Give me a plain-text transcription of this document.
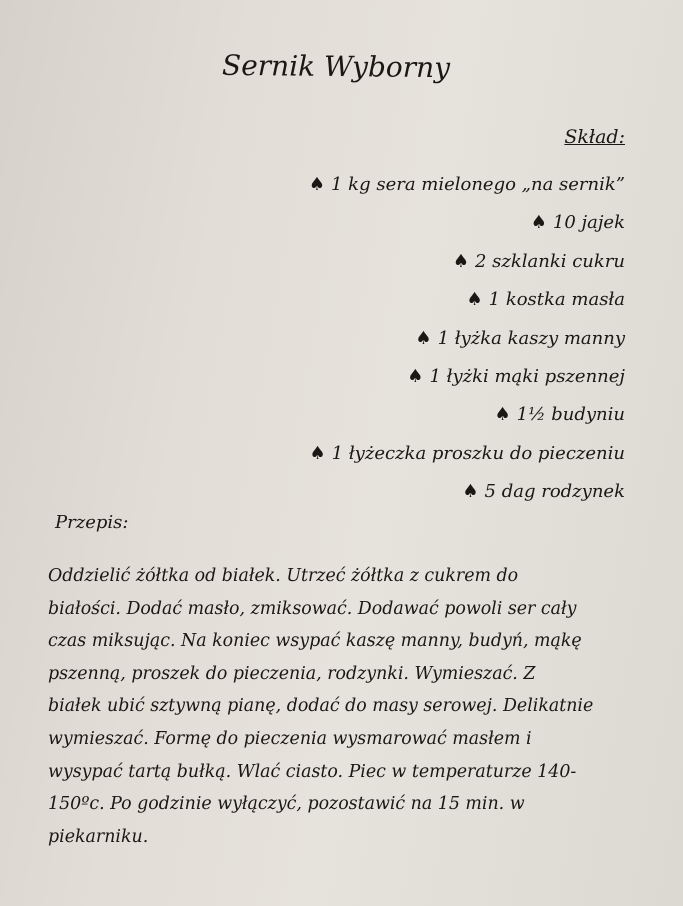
Sernik Wyborny
Skład:
♠ 1 kg sera mielonego „na sernik”
♠ 10 jajek
♠ 2 szklanki cukru
♠ 1 kostka masła
♠ 1 łyżka kaszy manny
♠ 1 łyżki mąki pszennej
♠ 1½ budyniu
♠ 1 łyżeczka proszku do pieczeniu
♠ 5 dag rodzynek
Przepis:
Oddzielić żółtka od białek. Utrzeć żółtka z cukrem do
białości. Dodać masło, zmiksować. Dodawać powoli ser cały
czas miksując. Na koniec wsypać kaszę manny, budyń, mąkę
pszenną, proszek do pieczenia, rodzynki. Wymieszać. Z
białek ubić sztywną pianę, dodać do masy serowej. Delikatnie
wymieszać. Formę do pieczenia wysmarować masłem i
wysypać tartą bułką. Wlać ciasto. Piec w temperaturze 140-
150ºc. Po godzinie wyłączyć, pozostawić na 15 min. w
piekarniku.
